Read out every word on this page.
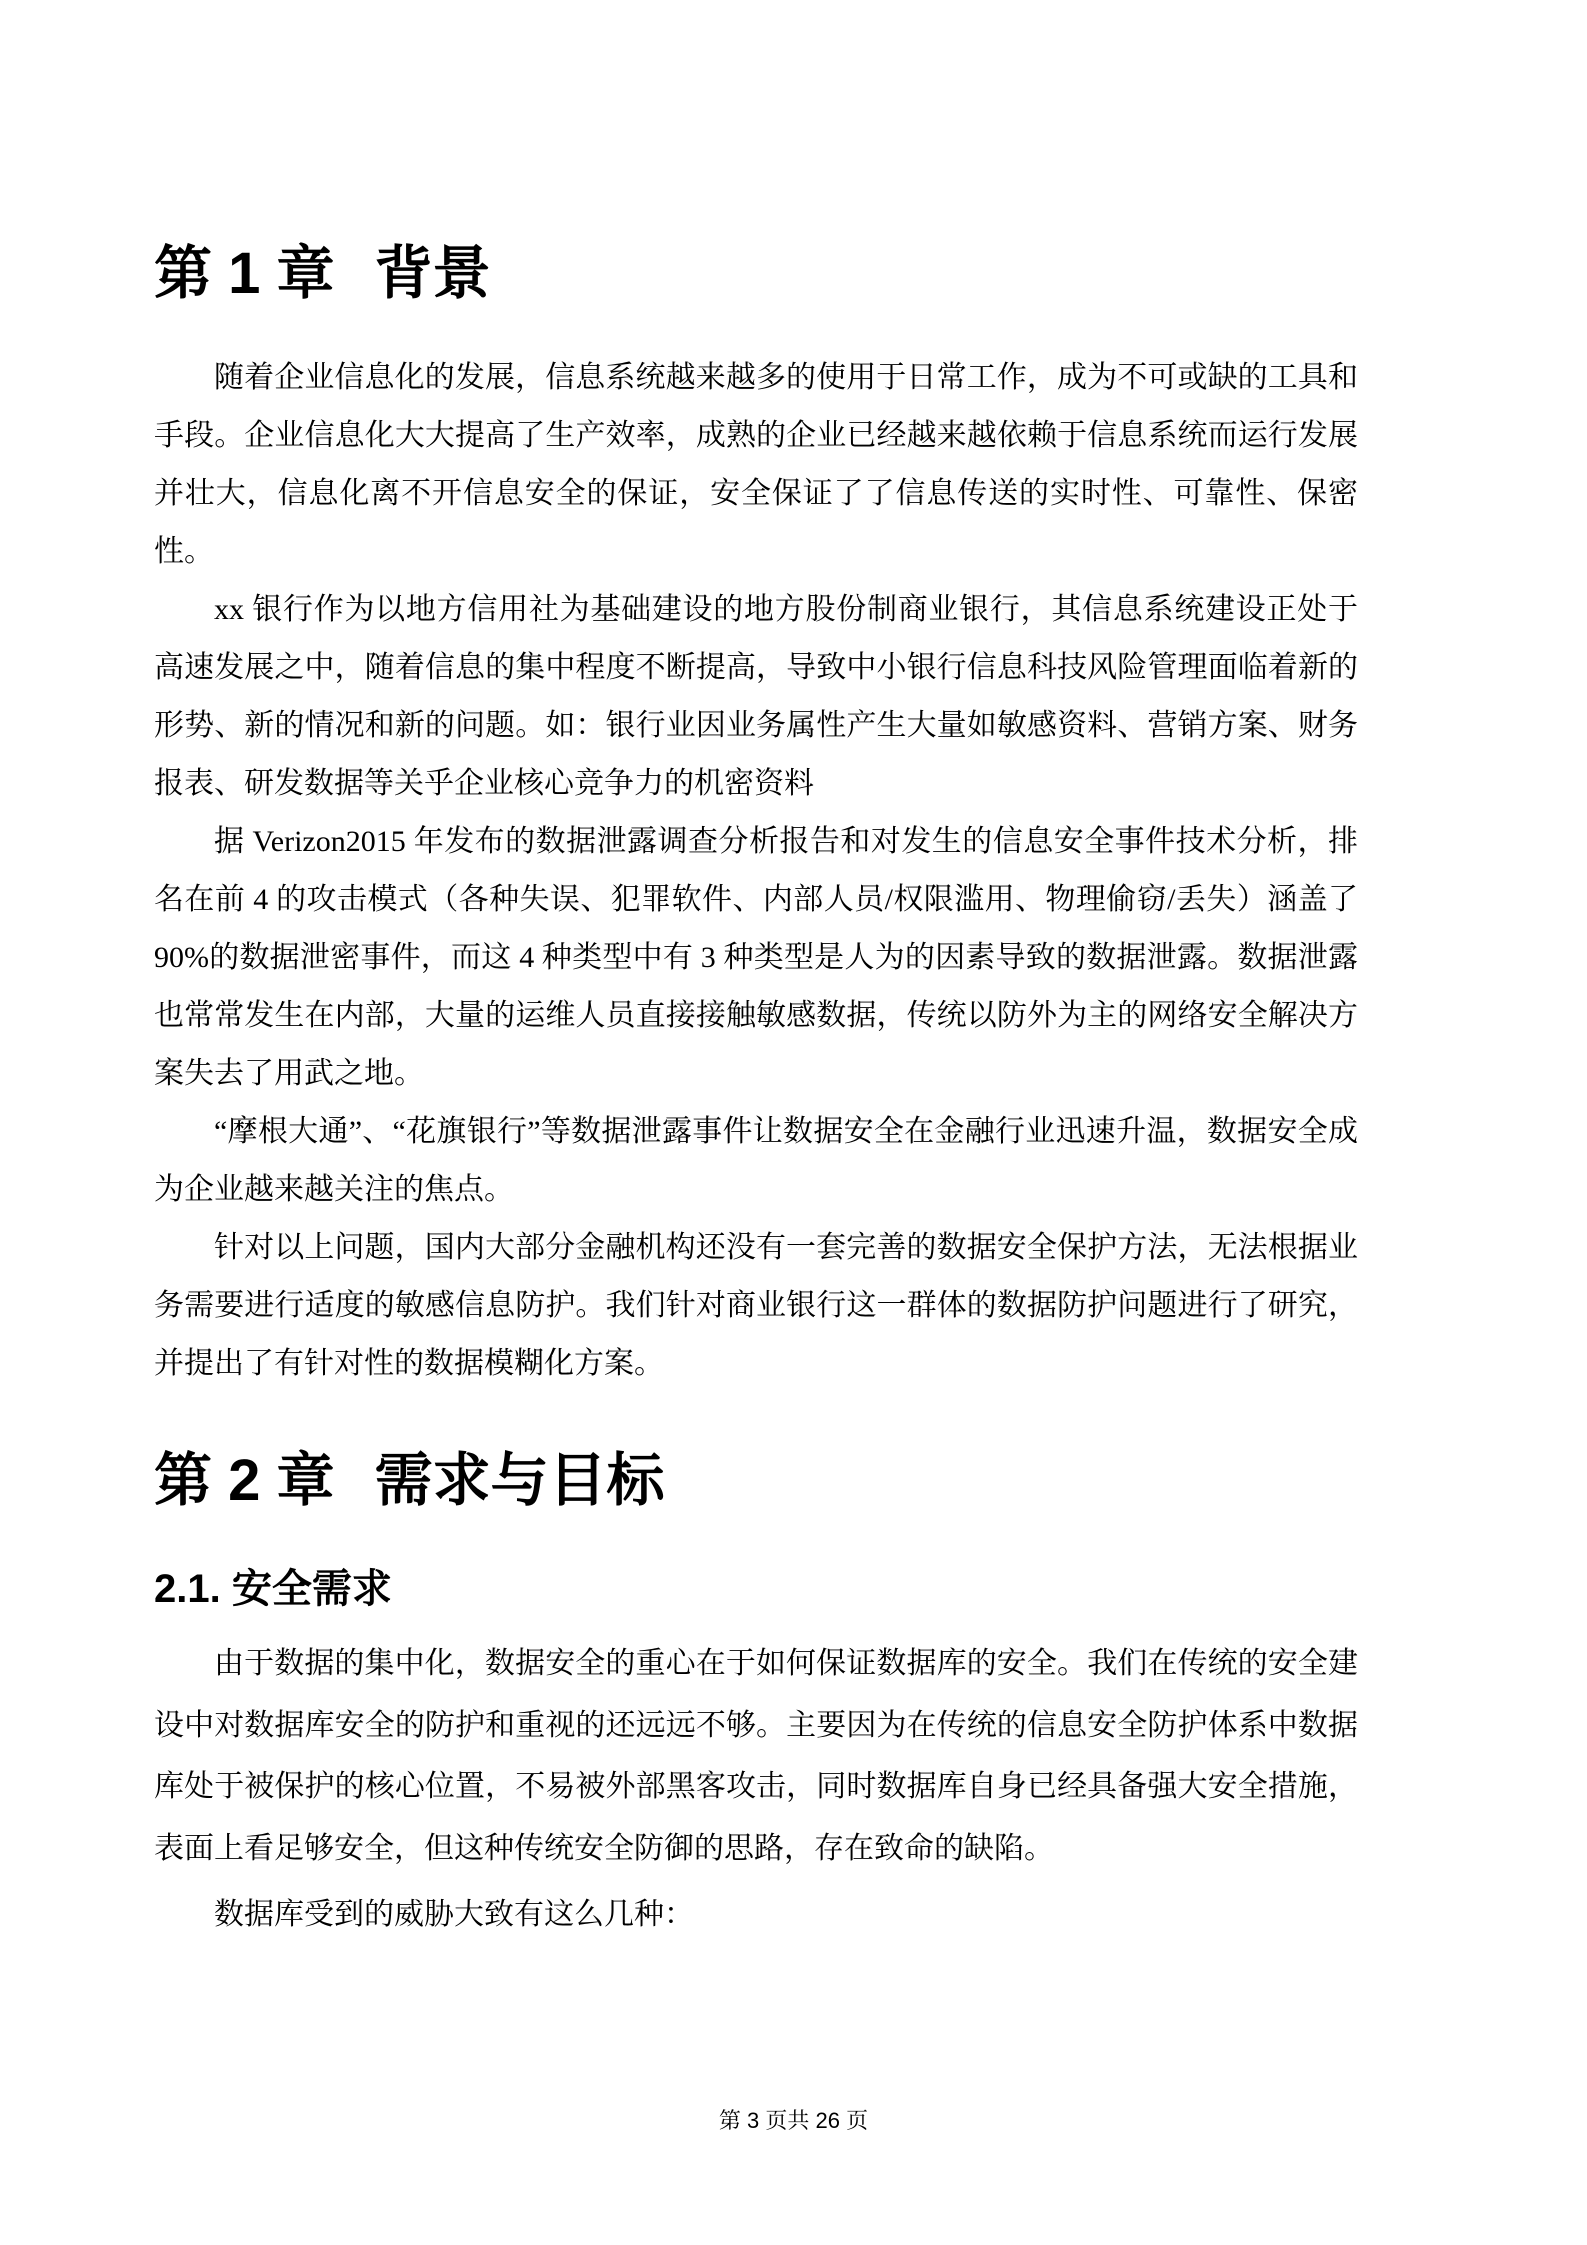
第 1 章 背景

随着企业信息化的发展，信息系统越来越多的使用于日常工作，成为不可或缺的工具和手段。企业信息化大大提高了生产效率，成熟的企业已经越来越依赖于信息系统而运行发展并壮大，信息化离不开信息安全的保证，安全保证了了信息传送的实时性、可靠性、保密性。

xx 银行作为以地方信用社为基础建设的地方股份制商业银行，其信息系统建设正处于高速发展之中，随着信息的集中程度不断提高，导致中小银行信息科技风险管理面临着新的形势、新的情况和新的问题。如：银行业因业务属性产生大量如敏感资料、营销方案、财务报表、研发数据等关乎企业核心竞争力的机密资料

据 Verizon2015 年发布的数据泄露调查分析报告和对发生的信息安全事件技术分析，排名在前 4 的攻击模式（各种失误、犯罪软件、内部人员/权限滥用、物理偷窃/丢失）涵盖了 90%的数据泄密事件，而这 4 种类型中有 3 种类型是人为的因素导致的数据泄露。数据泄露也常常发生在内部，大量的运维人员直接接触敏感数据，传统以防外为主的网络安全解决方案失去了用武之地。

“摩根大通”、“花旗银行”等数据泄露事件让数据安全在金融行业迅速升温，数据安全成为企业越来越关注的焦点。

针对以上问题，国内大部分金融机构还没有一套完善的数据安全保护方法，无法根据业务需要进行适度的敏感信息防护。我们针对商业银行这一群体的数据防护问题进行了研究，并提出了有针对性的数据模糊化方案。

第 2 章 需求与目标
2.1. 安全需求

由于数据的集中化，数据安全的重心在于如何保证数据库的安全。我们在传统的安全建设中对数据库安全的防护和重视的还远远不够。主要因为在传统的信息安全防护体系中数据库处于被保护的核心位置，不易被外部黑客攻击，同时数据库自身已经具备强大安全措施，表面上看足够安全，但这种传统安全防御的思路，存在致命的缺陷。

数据库受到的威胁大致有这么几种：

第 3 页共 26 页
